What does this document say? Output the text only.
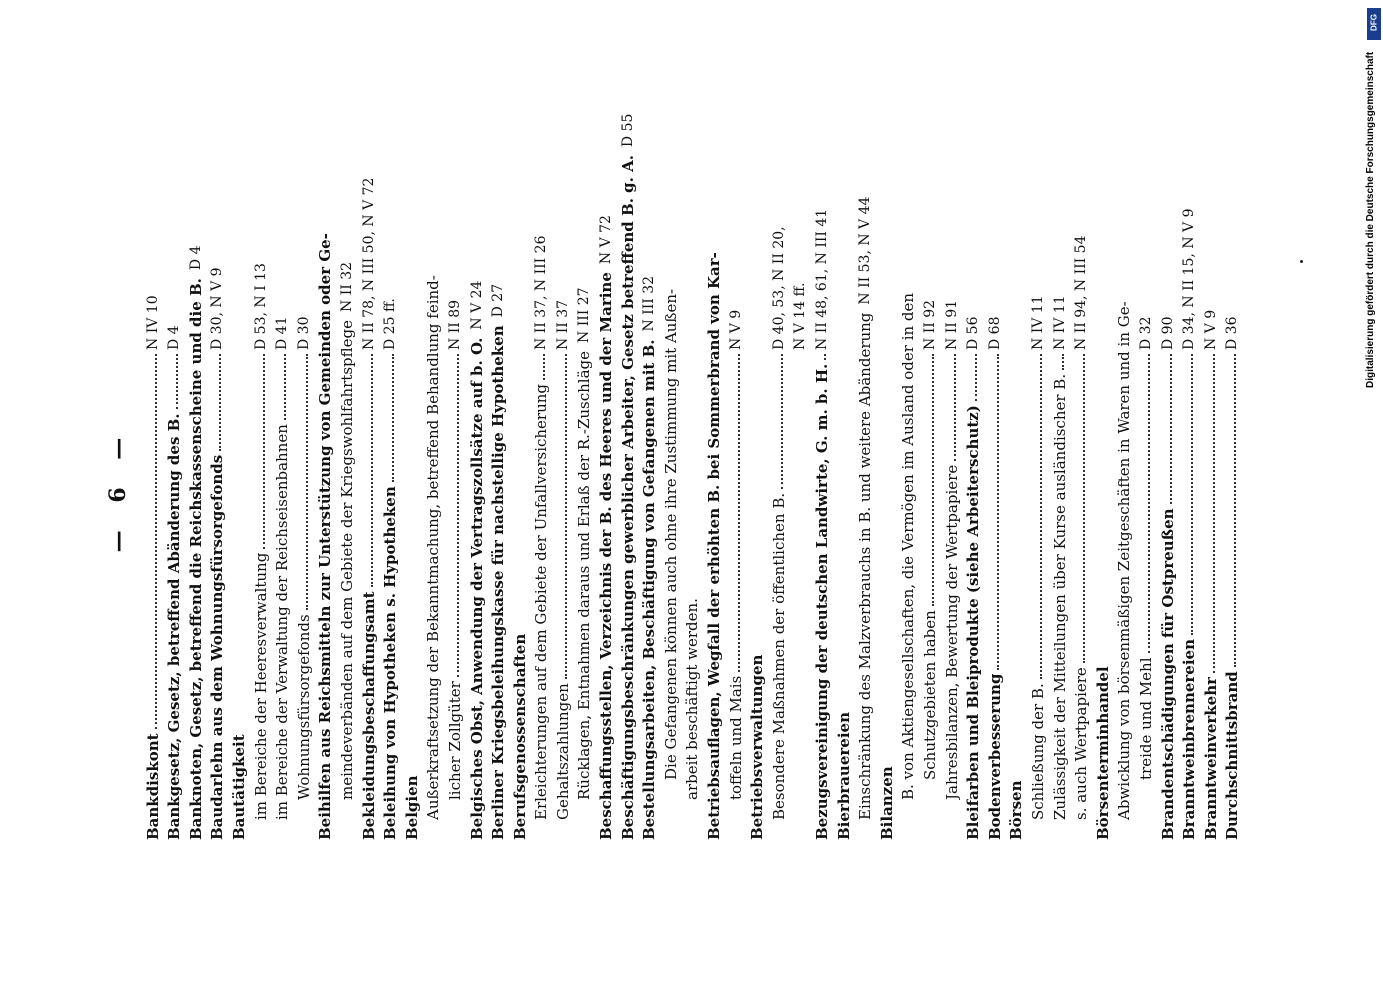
— 6 —
Bankdiskont
N IV 10
Bankgesetz, Gesetz, betreffend Abänderung des B.
D 4 Banknoten, Gesetz, betreffend die Reichskassenscheine und die B.
D 4
Baudarlehn aus dem Wohnungsfürsorgefonds
D 30, N V 9
Bautätigkeit im Bereiche der Heeresverwaltung
D 53, N I 13
im Bereiche der Verwaltung der Reichseisenbahnen
D 41
Wohnungsfürsorgefonds
D 30 Beihilfen aus Reichsmitteln zur Unterstützung von Gemeinden oder Ge- meindeverbänden auf dem Gebiete der Kriegswohlfahrtspflege
N II 32
Bekleidungsbeschaffungsamt
N II 78, N III 50, N V 72
Beleihung von Hypotheken s. Hypotheken
D 25 ff.
Belgien Außerkraftsetzung der Bekanntmachung, betreffend Behandlung feind- licher Zollgüter
N II 89
Belgisches Obst, Anwendung der Vertragszollsätze auf b. O.
N V 24
Berliner Kriegsbeleihungskasse für nachstellige Hypotheken
D 27
Berufsgenossenschaften Erleichterungen auf dem Gebiete der Unfallversicherung
N II 37, N III 26
Gehaltszahlungen
N II 37
Rücklagen, Entnahmen daraus und Erlaß der R.-Zuschläge
N III 27 Beschaffungsstellen, Verzeichnis der B. des Heeres und der Marine
N V 72 Beschäftigungsbeschränkungen gewerblicher Arbeiter, Gesetz betreffend B. g. A.
D 55
Bestellungsarbeiten, Beschäftigung von Gefangenen mit B.
N III 32 Die Gefangenen können auch ohne ihre Zustimmung mit Außen- arbeit beschäftigt werden. Betriebsauflagen, Wegfall der erhöhten B. bei Sommerbrand von Kar- toffeln und Mais
N V 9
Betriebsverwaltungen Besondere Maßnahmen der öffentlichen B.
D 40, 53, N II 20, N V 14 ff.
Bezugsvereinigung der deutschen Landwirte, G. m. b. H.
N II 48, 61, N III 41
Bierbrauereien Einschränkung des Malzverbrauchs in B. und weitere Abänderung
N II 53, N V 44
Bilanzen
B. von Aktiengesellschaften, die Vermögen im Ausland oder in den Schutzgebieten haben
N II 92
Jahresbilanzen, Bewertung der Wertpapiere
N II 91
Bleifarben und Bleiprodukte (siehe Arbeiterschutz)
D 56
Bodenverbesserung
D 68
Börsen Schließung der B.
N IV 11
Zulässigkeit der Mitteilungen über Kurse ausländischer B.
N IV 11
s. auch Wertpapiere
N II 94, N III 54
Börsenterminhandel Abwicklung von börsenmäßigen Zeitgeschäften in Waren und in Ge- treide und Mehl
D 32
Brandentschädigungen für Ostpreußen
D 90
Branntweinbrennereien
D 34, N II 15, N V 9
Branntweinverkehr
N V 9
Durchschnittsbrand
D 36	Digitalisierung gefördert durch die Deutsche Forschungsgemeinschaft
DFG
